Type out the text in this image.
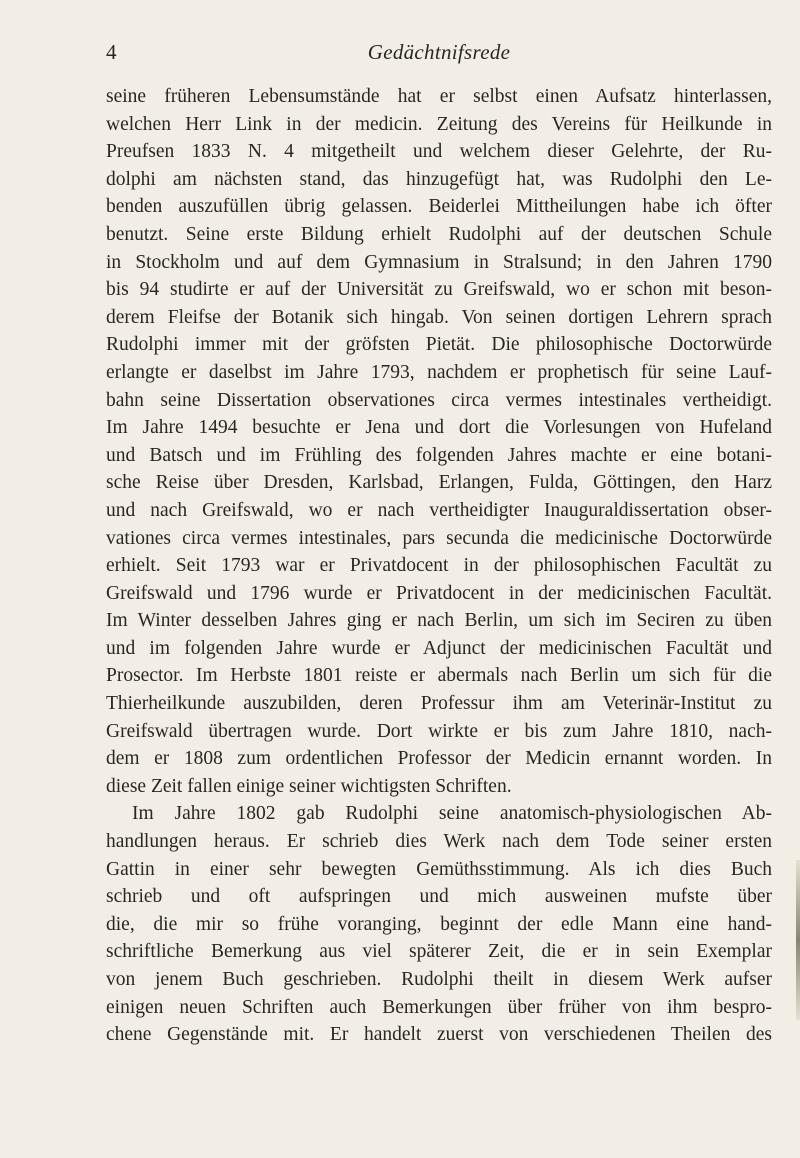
4	Gedächtnifsrede
seine früheren Lebensumstände hat er selbst einen Aufsatz hinterlassen,
welchen Herr Link in der medicin. Zeitung des Vereins für Heilkunde in
Preufsen 1833 N. 4 mitgetheilt und welchem dieser Gelehrte, der Ru-
dolphi am nächsten stand, das hinzugefügt hat, was Rudolphi den Le-
benden auszufüllen übrig gelassen. Beiderlei Mittheilungen habe ich öfter
benutzt. Seine erste Bildung erhielt Rudolphi auf der deutschen Schule
in Stockholm und auf dem Gymnasium in Stralsund; in den Jahren 1790
bis 94 studirte er auf der Universität zu Greifswald, wo er schon mit beson-
derem Fleifse der Botanik sich hingab. Von seinen dortigen Lehrern sprach
Rudolphi immer mit der gröfsten Pietät. Die philosophische Doctorwürde
erlangte er daselbst im Jahre 1793, nachdem er prophetisch für seine Lauf-
bahn seine Dissertation observationes circa vermes intestinales vertheidigt.
Im Jahre 1494 besuchte er Jena und dort die Vorlesungen von Hufeland
und Batsch und im Frühling des folgenden Jahres machte er eine botani-
sche Reise über Dresden, Karlsbad, Erlangen, Fulda, Göttingen, den Harz
und nach Greifswald, wo er nach vertheidigter Inauguraldissertation obser-
vationes circa vermes intestinales, pars secunda die medicinische Doctorwürde
erhielt. Seit 1793 war er Privatdocent in der philosophischen Facultät zu
Greifswald und 1796 wurde er Privatdocent in der medicinischen Facultät.
Im Winter desselben Jahres ging er nach Berlin, um sich im Seciren zu üben
und im folgenden Jahre wurde er Adjunct der medicinischen Facultät und
Prosector. Im Herbste 1801 reiste er abermals nach Berlin um sich für die
Thierheilkunde auszubilden, deren Professur ihm am Veterinär-Institut zu
Greifswald übertragen wurde. Dort wirkte er bis zum Jahre 1810, nach-
dem er 1808 zum ordentlichen Professor der Medicin ernannt worden. In
diese Zeit fallen einige seiner wichtigsten Schriften.
Im Jahre 1802 gab Rudolphi seine anatomisch-physiologischen Ab-
handlungen heraus. Er schrieb dies Werk nach dem Tode seiner ersten
Gattin in einer sehr bewegten Gemüthsstimmung. Als ich dies Buch
schrieb und oft aufspringen und mich ausweinen mufste über
die, die mir so frühe voranging, beginnt der edle Mann eine hand-
schriftliche Bemerkung aus viel späterer Zeit, die er in sein Exemplar
von jenem Buch geschrieben. Rudolphi theilt in diesem Werk aufser
einigen neuen Schriften auch Bemerkungen über früher von ihm bespro-
chene Gegenstände mit. Er handelt zuerst von verschiedenen Theilen des
